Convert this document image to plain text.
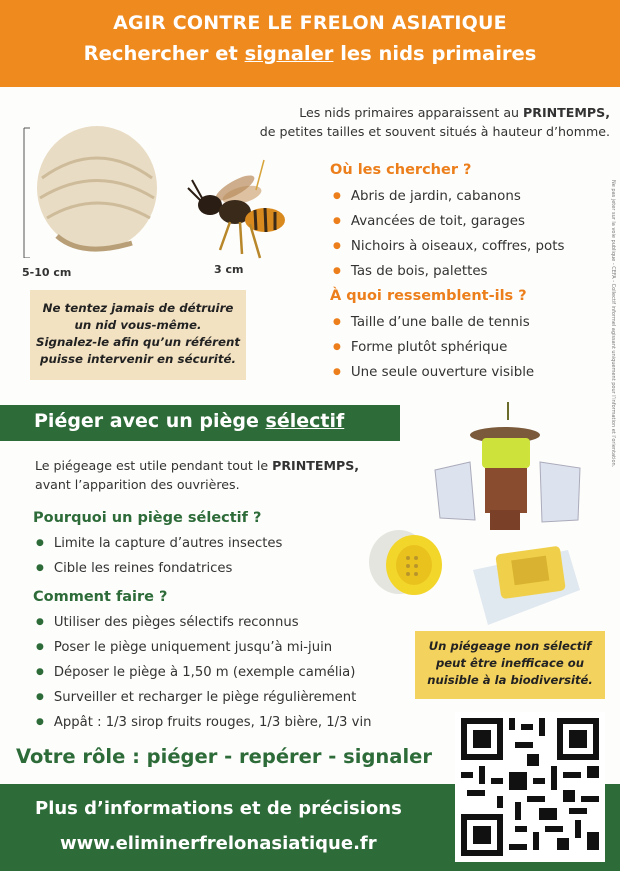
AGIR CONTRE LE FRELON ASIATIQUE
Rechercher et signaler les nids primaires
Les nids primaires apparaissent au PRINTEMPS,
de petites tailles et souvent situés à hauteur d’homme.
5-10 cm	3 cm
Ne tentez jamais de détruire
un nid vous-même.
Signalez-le afin qu’un référent
puisse intervenir en sécurité.
Où les chercher ?
● Abris de jardin, cabanons
● Avancées de toit, garages
● Nichoirs à oiseaux, coffres, pots
● Tas de bois, palettes
À quoi ressemblent-ils ?
● Taille d’une balle de tennis
● Forme plutôt sphérique
● Une seule ouverture visible
Piéger avec un piège sélectif
Le piégeage est utile pendant tout le PRINTEMPS,
avant l’apparition des ouvrières.
Pourquoi un piège sélectif ?
● Limite la capture d’autres insectes
● Cible les reines fondatrices
Comment faire ?
● Utiliser des pièges sélectifs reconnus
● Poser le piège uniquement jusqu’à mi-juin
● Déposer le piège à 1,50 m (exemple camélia)
● Surveiller et recharger le piège régulièrement
● Appât : 1/3 sirop fruits rouges, 1/3 bière, 1/3 vin
Un piégeage non sélectif
peut être inefficace ou
nuisible à la biodiversité.
Votre rôle : piéger - repérer - signaler
Plus d’informations et de précisions
www.eliminerfrelonasiatique.fr
Ne pas jeter sur la voie publique - CEFA - Collectif informel agissant uniquement pour l’information et l’orientation.
